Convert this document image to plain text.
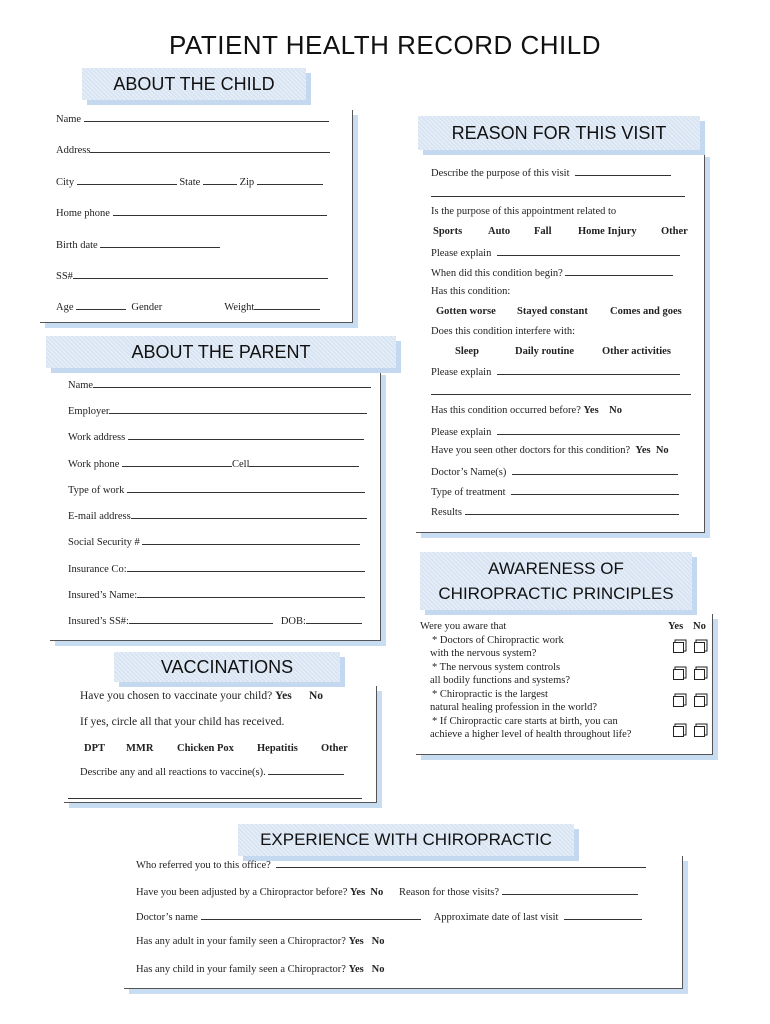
PATIENT HEALTH RECORD CHILD
ABOUT THE CHILD
Name
Address
City	State	Zip
Home phone
Birth date
SS#
Age	Gender	Weight
ABOUT THE PARENT
Name
Employer
Work address
Work phone	Cell
Type of work
E-mail address
Social Security #
Insurance Co:
Insured’s Name:
Insured’s SS#:	DOB:
REASON FOR THIS VISIT
Describe the purpose of this visit
Is the purpose of this appointment related to
Sports Auto Fall	Home Injury Other
Please explain
When did this condition begin?
Has this condition:
Gotten worse Stayed constant Comes and goes
Does this condition interfere with:
Sleep	Daily routine	Other activities
Please explain
Has this condition occurred before? Yes No
Please explain
Have you seen other doctors for this condition? Yes No
Doctor’s Name(s)
Type of treatment
Results
AWARENESS OF
CHIROPRACTIC PRINCIPLES
Were you aware that	Yes No
* Doctors of Chiropractic work
with the nervous system?
* The nervous system controls
all bodily functions and systems?
* Chiropractic is the largest
natural healing profession in the world?
* If Chiropractic care starts at birth, you can
achieve a higher level of health throughout life?
VACCINATIONS
Have you chosen to vaccinate your child? Yes No
If yes, circle all that your child has received.
DPT MMR Chicken Pox Hepatitis Other
Describe any and all reactions to vaccine(s).
EXPERIENCE WITH CHIROPRACTIC
Who referred you to this office?
Have you been adjusted by a Chiropractor before? Yes No Reason for those visits?
Doctor’s name	Approximate date of last visit
Has any adult in your family seen a Chiropractor? Yes No
Has any child in your family seen a Chiropractor? Yes No
